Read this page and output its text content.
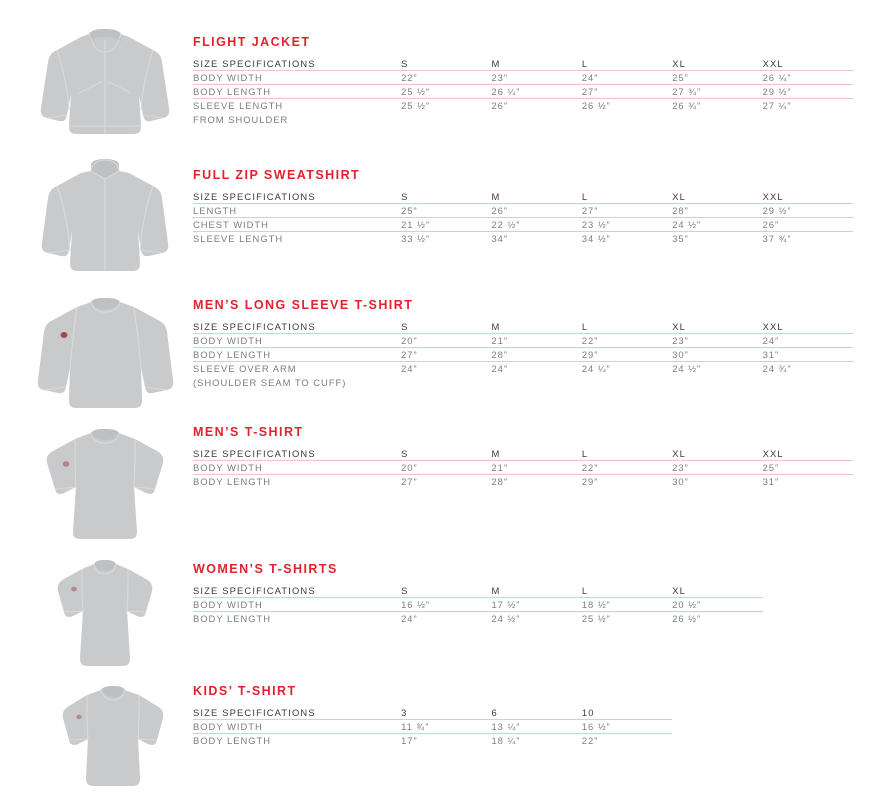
FLIGHT JACKET
SIZE SPECIFICATIONS	S	M	L	XL	XXL
BODY WIDTH	22”	23”	24”	25”	26 ¼”
BODY LENGTH	25 ½”	26 ¼”	27”	27 ¾”	29 ½”
SLEEVE LENGTH
FROM SHOULDER	25 ½”	26”	26 ½”	26 ¾”	27 ¼”
FULL ZIP SWEATSHIRT
SIZE SPECIFICATIONS	S	M	L	XL	XXL
LENGTH	25”	26”	27”	28”	29 ½”
CHEST WIDTH	21 ½”	22 ½”	23 ½”	24 ½”	26”
SLEEVE LENGTH	33 ½”	34”	34 ½”	35”	37 ¾”
MEN’S LONG SLEEVE T-SHIRT
SIZE SPECIFICATIONS	S	M	L	XL	XXL
BODY WIDTH	20”	21”	22”	23”	24”
BODY LENGTH	27”	28”	29”	30”	31”
SLEEVE OVER ARM
(SHOULDER SEAM TO CUFF)	24”	24”	24 ¼”	24 ½”	24 ¾”
MEN’S T-SHIRT
SIZE SPECIFICATIONS	S	M	L	XL	XXL
BODY WIDTH	20”	21”	22”	23”	25”
BODY LENGTH	27”	28”	29”	30”	31”
WOMEN’S T-SHIRTS
SIZE SPECIFICATIONS	S	M	L	XL	
BODY WIDTH	16 ½”	17 ½”	18 ½”	20 ½”	
BODY LENGTH	24”	24 ½”	25 ½”	26 ½”	
KIDS’ T-SHIRT
SIZE SPECIFICATIONS	3	6	10		
BODY WIDTH	11 ¾”	13 ¼”	16 ½”		
BODY LENGTH	17”	18 ¼”	22”		
